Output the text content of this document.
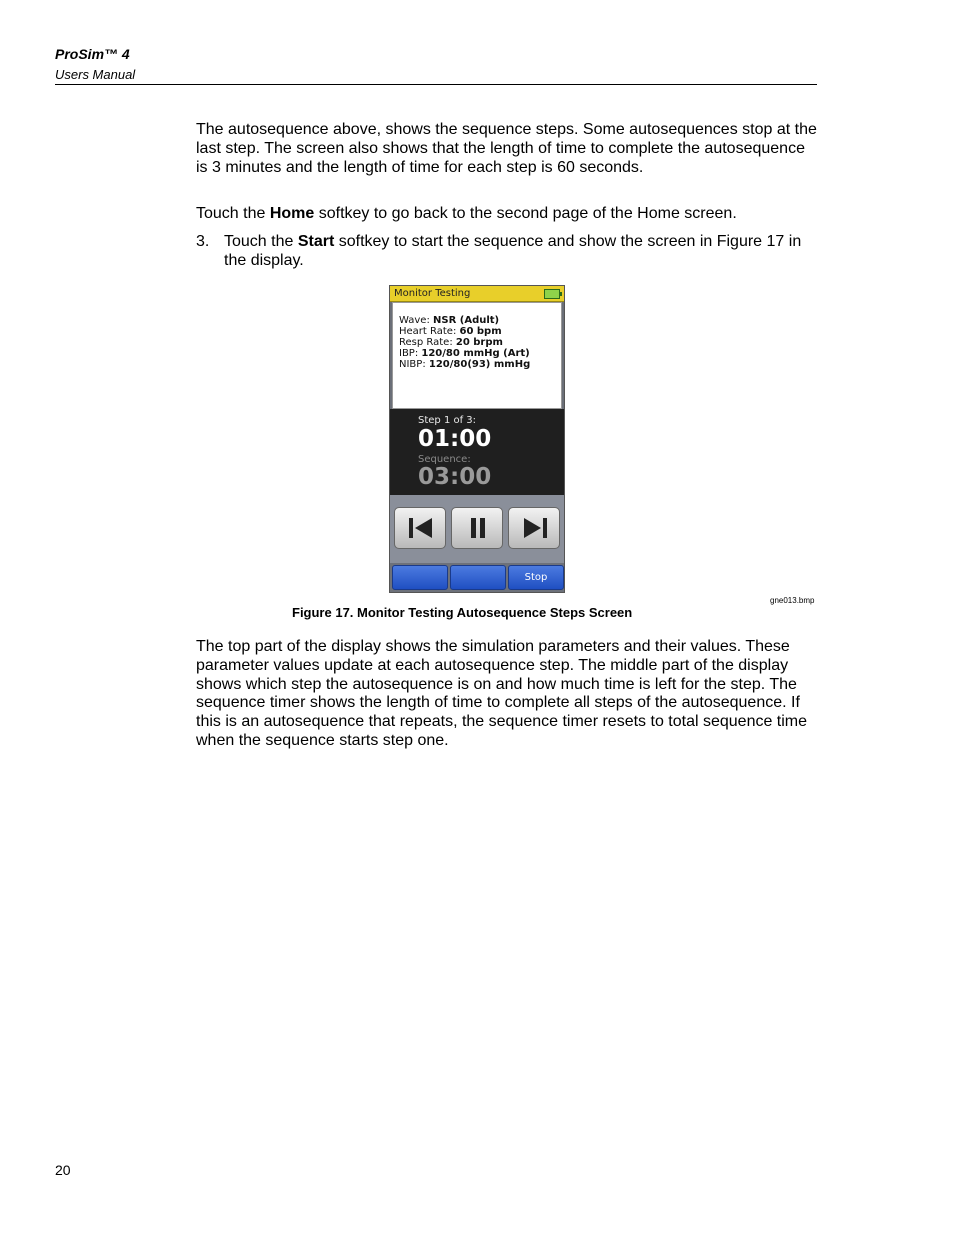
ProSim™ 4
Users Manual

The autosequence above, shows the sequence steps. Some autosequences stop at the last step. The screen also shows that the length of time to complete the autosequence is 3 minutes and the length of time for each step is 60 seconds.

Touch the Home softkey to go back to the second page of the Home screen.

3. Touch the Start softkey to start the sequence and show the screen in Figure 17 in the display.
Monitor Testing
Wave: NSR (Adult)
Heart Rate: 60 bpm
Resp Rate: 20 brpm
IBP: 120/80 mmHg (Art)
NIBP: 120/80(93) mmHg
Step 1 of 3:
01:00
Sequence:
03:00
Stop
gne013.bmp
Figure 17. Monitor Testing Autosequence Steps Screen

The top part of the display shows the simulation parameters and their values. These parameter values update at each autosequence step. The middle part of the display shows which step the autosequence is on and how much time is left for the step. The sequence timer shows the length of time to complete all steps of the autosequence. If this is an autosequence that repeats, the sequence timer resets to total sequence time when the sequence starts step one.

20
